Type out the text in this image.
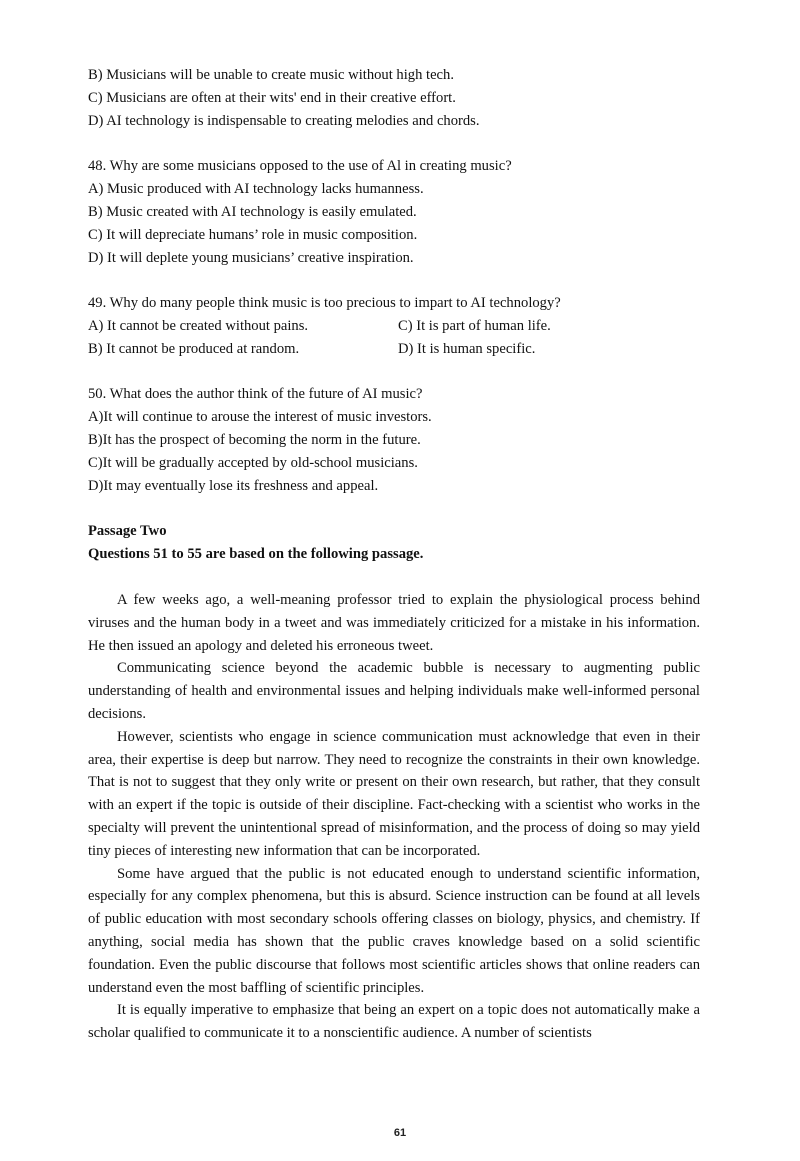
B) Musicians will be unable to create music without high tech.
C) Musicians are often at their wits' end in their creative effort.
D) AI technology is indispensable to creating melodies and chords.
48. Why are some musicians opposed to the use of Al in creating music?
A) Music produced with AI technology lacks humanness.
B) Music created with AI technology is easily emulated.
C) It will depreciate humans’ role in music composition.
D) It will deplete young musicians’ creative inspiration.
49. Why do many people think music is too precious to impart to AI technology?
A) It cannot be created without pains.	C) It is part of human life.
B) It cannot be produced at random.	D) It is human specific.
50. What does the author think of the future of AI music?
A)It will continue to arouse the interest of music investors.
B)It has the prospect of becoming the norm in the future.
C)It will be gradually accepted by old-school musicians.
D)It may eventually lose its freshness and appeal.
Passage Two
Questions 51 to 55 are based on the following passage.

A few weeks ago, a well-meaning professor tried to explain the physiological process behind viruses and the human body in a tweet and was immediately criticized for a mistake in his information. He then issued an apology and deleted his erroneous tweet.

Communicating science beyond the academic bubble is necessary to augmenting public understanding of health and environmental issues and helping individuals make well-informed personal decisions.

However, scientists who engage in science communication must acknowledge that even in their area, their expertise is deep but narrow. They need to recognize the constraints in their own knowledge. That is not to suggest that they only write or present on their own research, but rather, that they consult with an expert if the topic is outside of their discipline. Fact-checking with a scientist who works in the specialty will prevent the unintentional spread of misinformation, and the process of doing so may yield tiny pieces of interesting new information that can be incorporated.

Some have argued that the public is not educated enough to understand scientific information, especially for any complex phenomena, but this is absurd. Science instruction can be found at all levels of public education with most secondary schools offering classes on biology, physics, and chemistry. If anything, social media has shown that the public craves knowledge based on a solid scientific foundation. Even the public discourse that follows most scientific articles shows that online readers can understand even the most baffling of scientific principles.

It is equally imperative to emphasize that being an expert on a topic does not automatically make a scholar qualified to communicate it to a nonscientific audience. A number of scientists

61
